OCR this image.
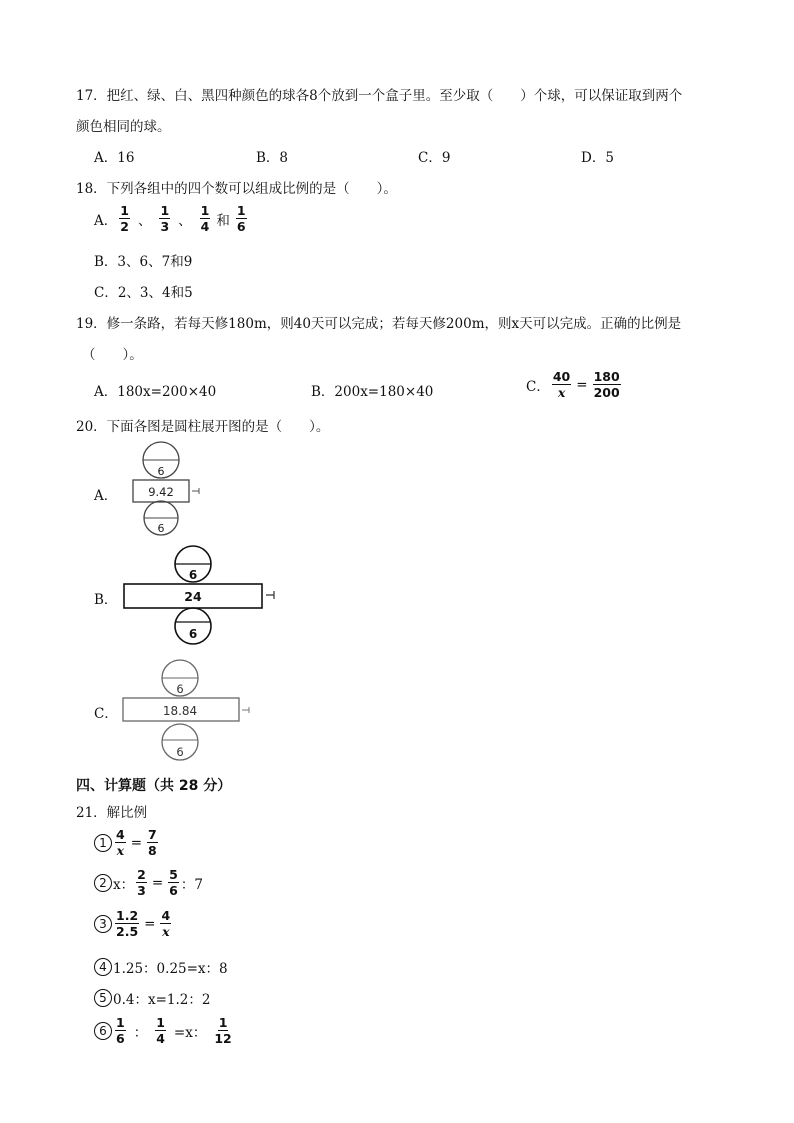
17．把红、绿、白、黑四种颜色的球各8个放到一个盒子里。至少取（　　）个球，可以保证取到两个
颜色相同的球。
A．16	B．8	C．9	D．5
18．下列各组中的四个数可以组成比例的是（　　）。
A． $\frac{1}{2}$ 、 $\frac{1}{3}$ 、 $\frac{1}{4}$ 和 $\frac{1}{6}$
B．3、6、7和9
C．2、3、4和5
19．修一条路，若每天修180m，则40天可以完成；若每天修200m，则x天可以完成。正确的比例是
（　　）。
A．180x=200×40	B．200x=180×40	C． $\frac{40}{x} = \frac{180}{200}$
20．下面各图是圆柱展开图的是（　　）。
A．
6
9.42
6
B．
6
24
6
C．
6
18.84
6
四、计算题（共 28 分）
21．解比例
$1 \frac{4}{x} = \frac{7}{8}$
2 x： $\frac{2}{3} = \frac{5}{6}$ ：7
$3 \frac{1.2}{2.5} = \frac{4}{x}$
4 1.25：0.25=x：8
5 0.4：x=1.2：2
$6 \frac{1}{6}$ ： $\frac{1}{4} =x$： $\frac{1}{12}$
